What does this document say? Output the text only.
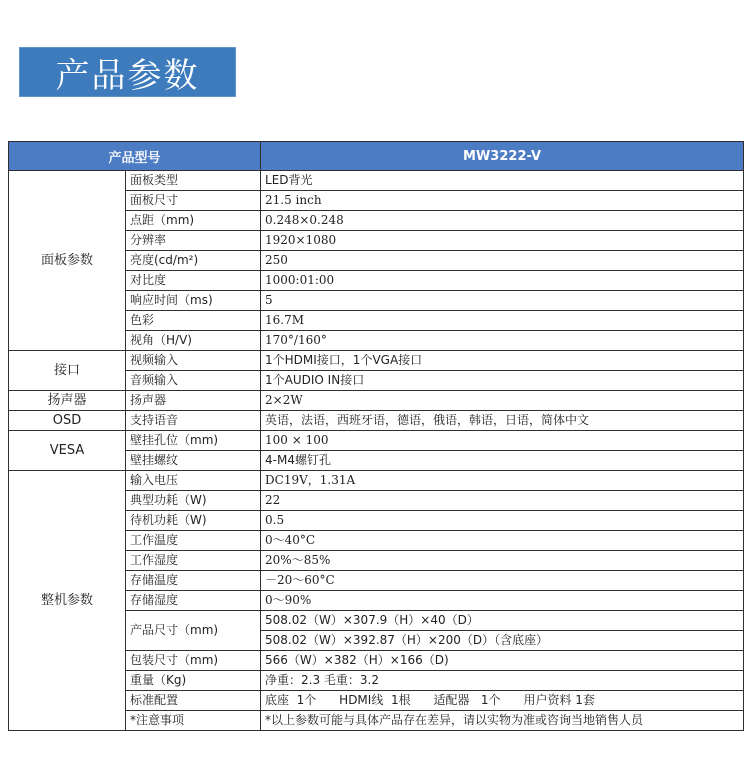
产品参数
产品型号		MW3222-V
面板参数	面板类型	LED背光
	面板尺寸	21.5 inch
	点距（mm)	0.248×0.248
	分辨率	1920×1080
	亮度(cd/m²)	250
	对比度	1000:01:00
	响应时间（ms)	5
	色彩	16.7M
	视角（H/V)	170°/160°
接口	视频输入	1个HDMI接口，1个VGA接口
	音频输入	1个AUDIO IN接口
扬声器	扬声器	2×2W
OSD	支持语音	英语，法语，西班牙语，德语，俄语，韩语，日语，简体中文
VESA	壁挂孔位（mm)	100 × 100
	壁挂螺纹	4-M4螺钉孔
整机参数	输入电压	DC19V，1.31A
	典型功耗（W)	22
	待机功耗（W)	0.5
	工作温度	0～40°C
	工作湿度	20%～85%
	存储温度	－20～60°C
	存储湿度	0～90%
	产品尺寸（mm)	508.02（W）×307.9（H）×40（D）
		508.02（W）×392.87（H）×200（D）（含底座）
	包装尺寸（mm)	566（W）×382（H）×166（D)
	重量（Kg)	净重：2.3 毛重：3.2
	标准配置	底座  1个      HDMI线  1根      适配器   1个      用户资料 1套
	*注意事项	*以上参数可能与具体产品存在差异，请以实物为准或咨询当地销售人员
